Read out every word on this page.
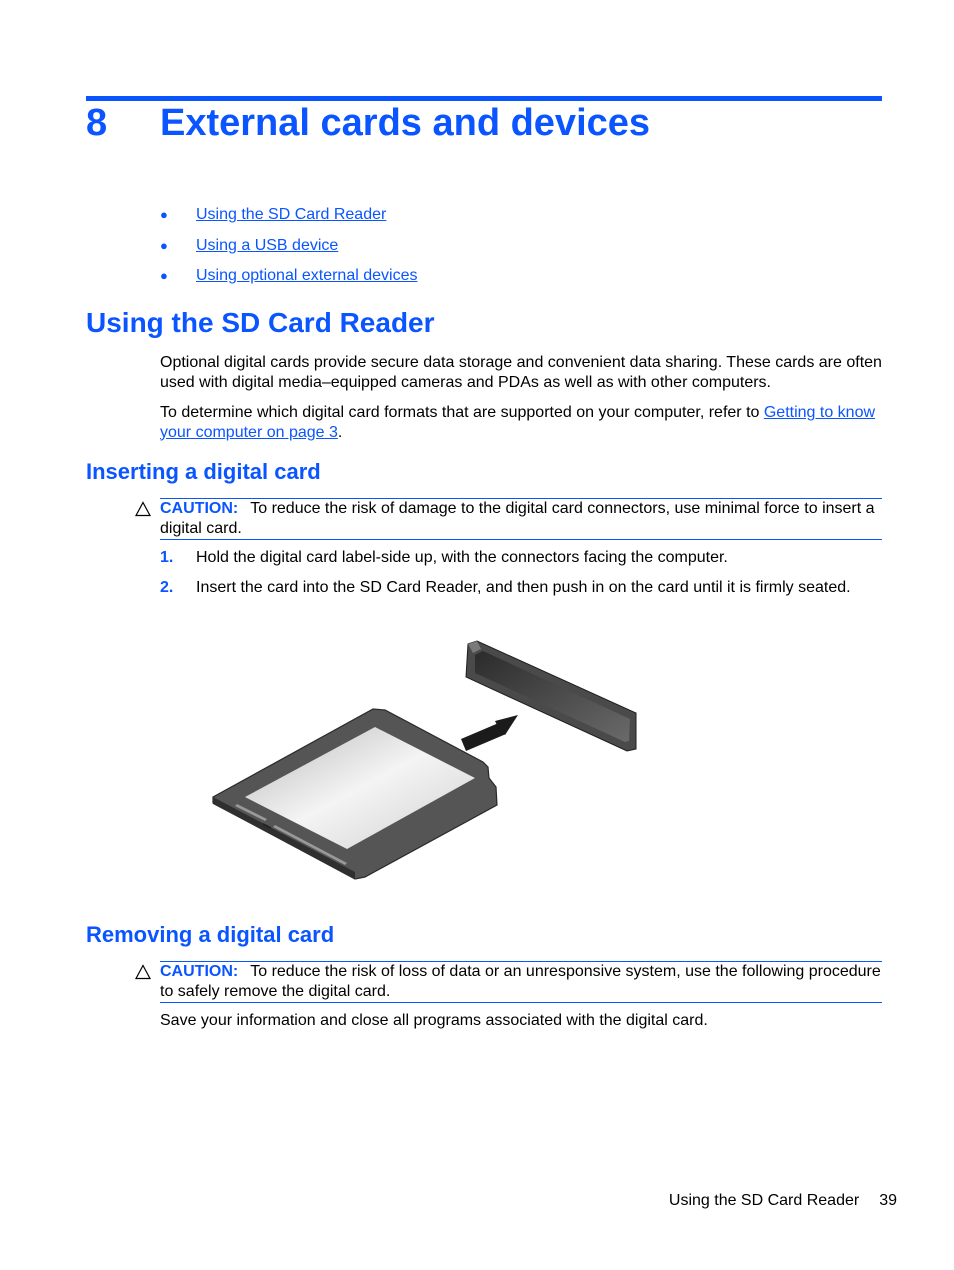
8 External cards and devices
● Using the SD Card Reader
● Using a USB device
● Using optional external devices
Using the SD Card Reader

Optional digital cards provide secure data storage and convenient data sharing. These cards are often used with digital media–equipped cameras and PDAs as well as with other computers.

To determine which digital card formats that are supported on your computer, refer to Getting to know your computer on page 3.

Inserting a digital card
CAUTION: To reduce the risk of damage to the digital card connectors, use minimal force to insert a digital card.
1. Hold the digital card label-side up, with the connectors facing the computer.
2. Insert the card into the SD Card Reader, and then push in on the card until it is firmly seated.
Removing a digital card
CAUTION: To reduce the risk of loss of data or an unresponsive system, use the following procedure to safely remove the digital card.

Save your information and close all programs associated with the digital card.

Using the SD Card Reader 39
